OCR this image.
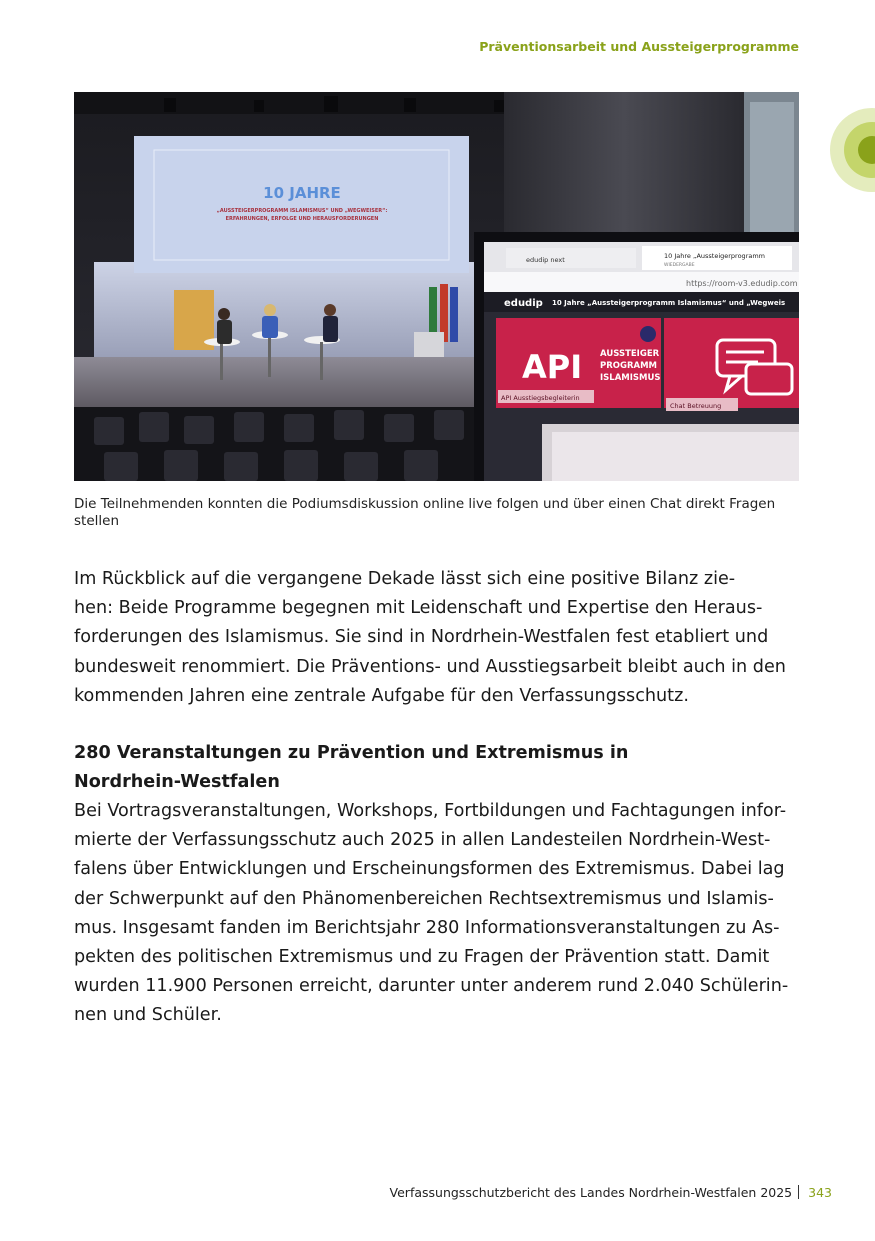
Präventionsarbeit und Aussteigerprogramme
10 JAHRE
„AUSSTEIGERPROGRAMM ISLAMISMUS“ UND „WEGWEISER“:
ERFAHRUNGEN, ERFOLGE UND HERAUSFORDERUNGEN
edudip next	10 Jahre „Aussteigerprogramm
WIEDERGABE
https://room-v3.edudip.com
edudip 10 Jahre „Aussteigerprogramm Islamismus“ und „Wegweis
API AUSSTEIGER
PROGRAMM
ISLAMISMUS
API Ausstiegsbegleiterin
Chat Betreuung
Die Teilnehmenden konnten die Podiumsdiskussion online live folgen und über einen Chat direkt Fragen stellen
Im Rückblick auf die vergangene Dekade lässt sich eine positive Bilanz zie-
hen: Beide Programme begegnen mit Leidenschaft und Expertise den Heraus-
forderungen des Islamismus. Sie sind in Nordrhein-Westfalen fest etabliert und
bundesweit renommiert. Die Präventions- und Ausstiegsarbeit bleibt auch in den
kommenden Jahren eine zentrale Aufgabe für den Verfassungsschutz.
280 Veranstaltungen zu Prävention und Extremismus in
Nordrhein-Westfalen
Bei Vortragsveranstaltungen, Workshops, Fortbildungen und Fachtagungen infor-
mierte der Verfassungsschutz auch 2025 in allen Landesteilen Nordrhein-West-
falens über Entwicklungen und Erscheinungsformen des Extremismus. Dabei lag
der Schwerpunkt auf den Phänomenbereichen Rechtsextremismus und Islamis-
mus. Insgesamt fanden im Berichtsjahr 280 Informationsveranstaltungen zu As-
pekten des politischen Extremismus und zu Fragen der Prävention statt. Damit
wurden 11.900 Personen erreicht, darunter unter anderem rund 2.040 Schülerin-
nen und Schüler.
Verfassungsschutzbericht des Landes Nordrhein-Westfalen 2025 343
